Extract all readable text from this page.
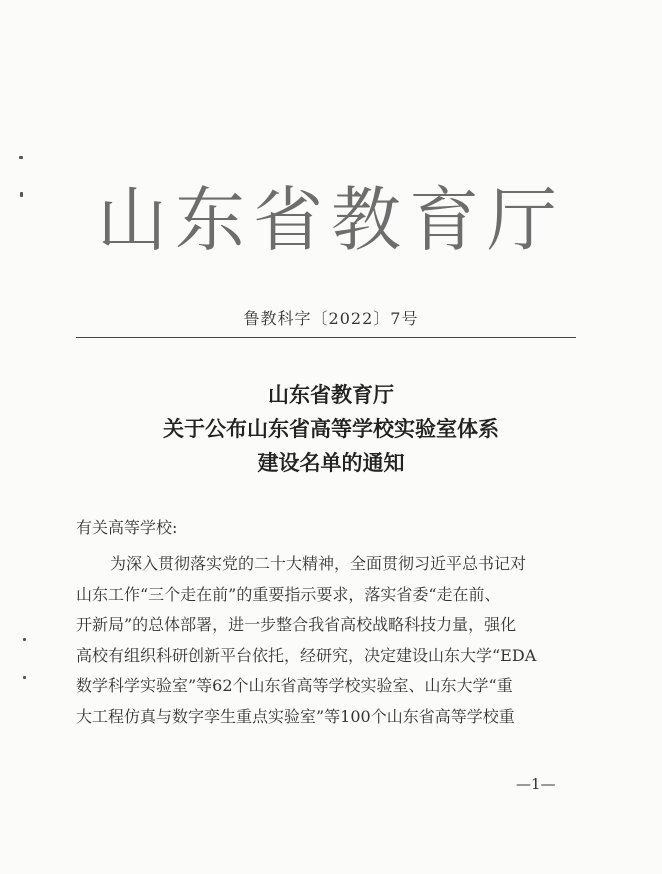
山东省教育厅
鲁教科字〔2022〕7号
山东省教育厅
关于公布山东省高等学校实验室体系
建设名单的通知
有关高等学校:
为深入贯彻落实党的二十大精神，全面贯彻习近平总书记对
山东工作“三个走在前”的重要指示要求，落实省委“走在前、
开新局”的总体部署，进一步整合我省高校战略科技力量，强化
高校有组织科研创新平台依托，经研究，决定建设山东大学“EDA
数学科学实验室”等62个山东省高等学校实验室、山东大学“重
大工程仿真与数字孪生重点实验室”等100个山东省高等学校重
—1—
